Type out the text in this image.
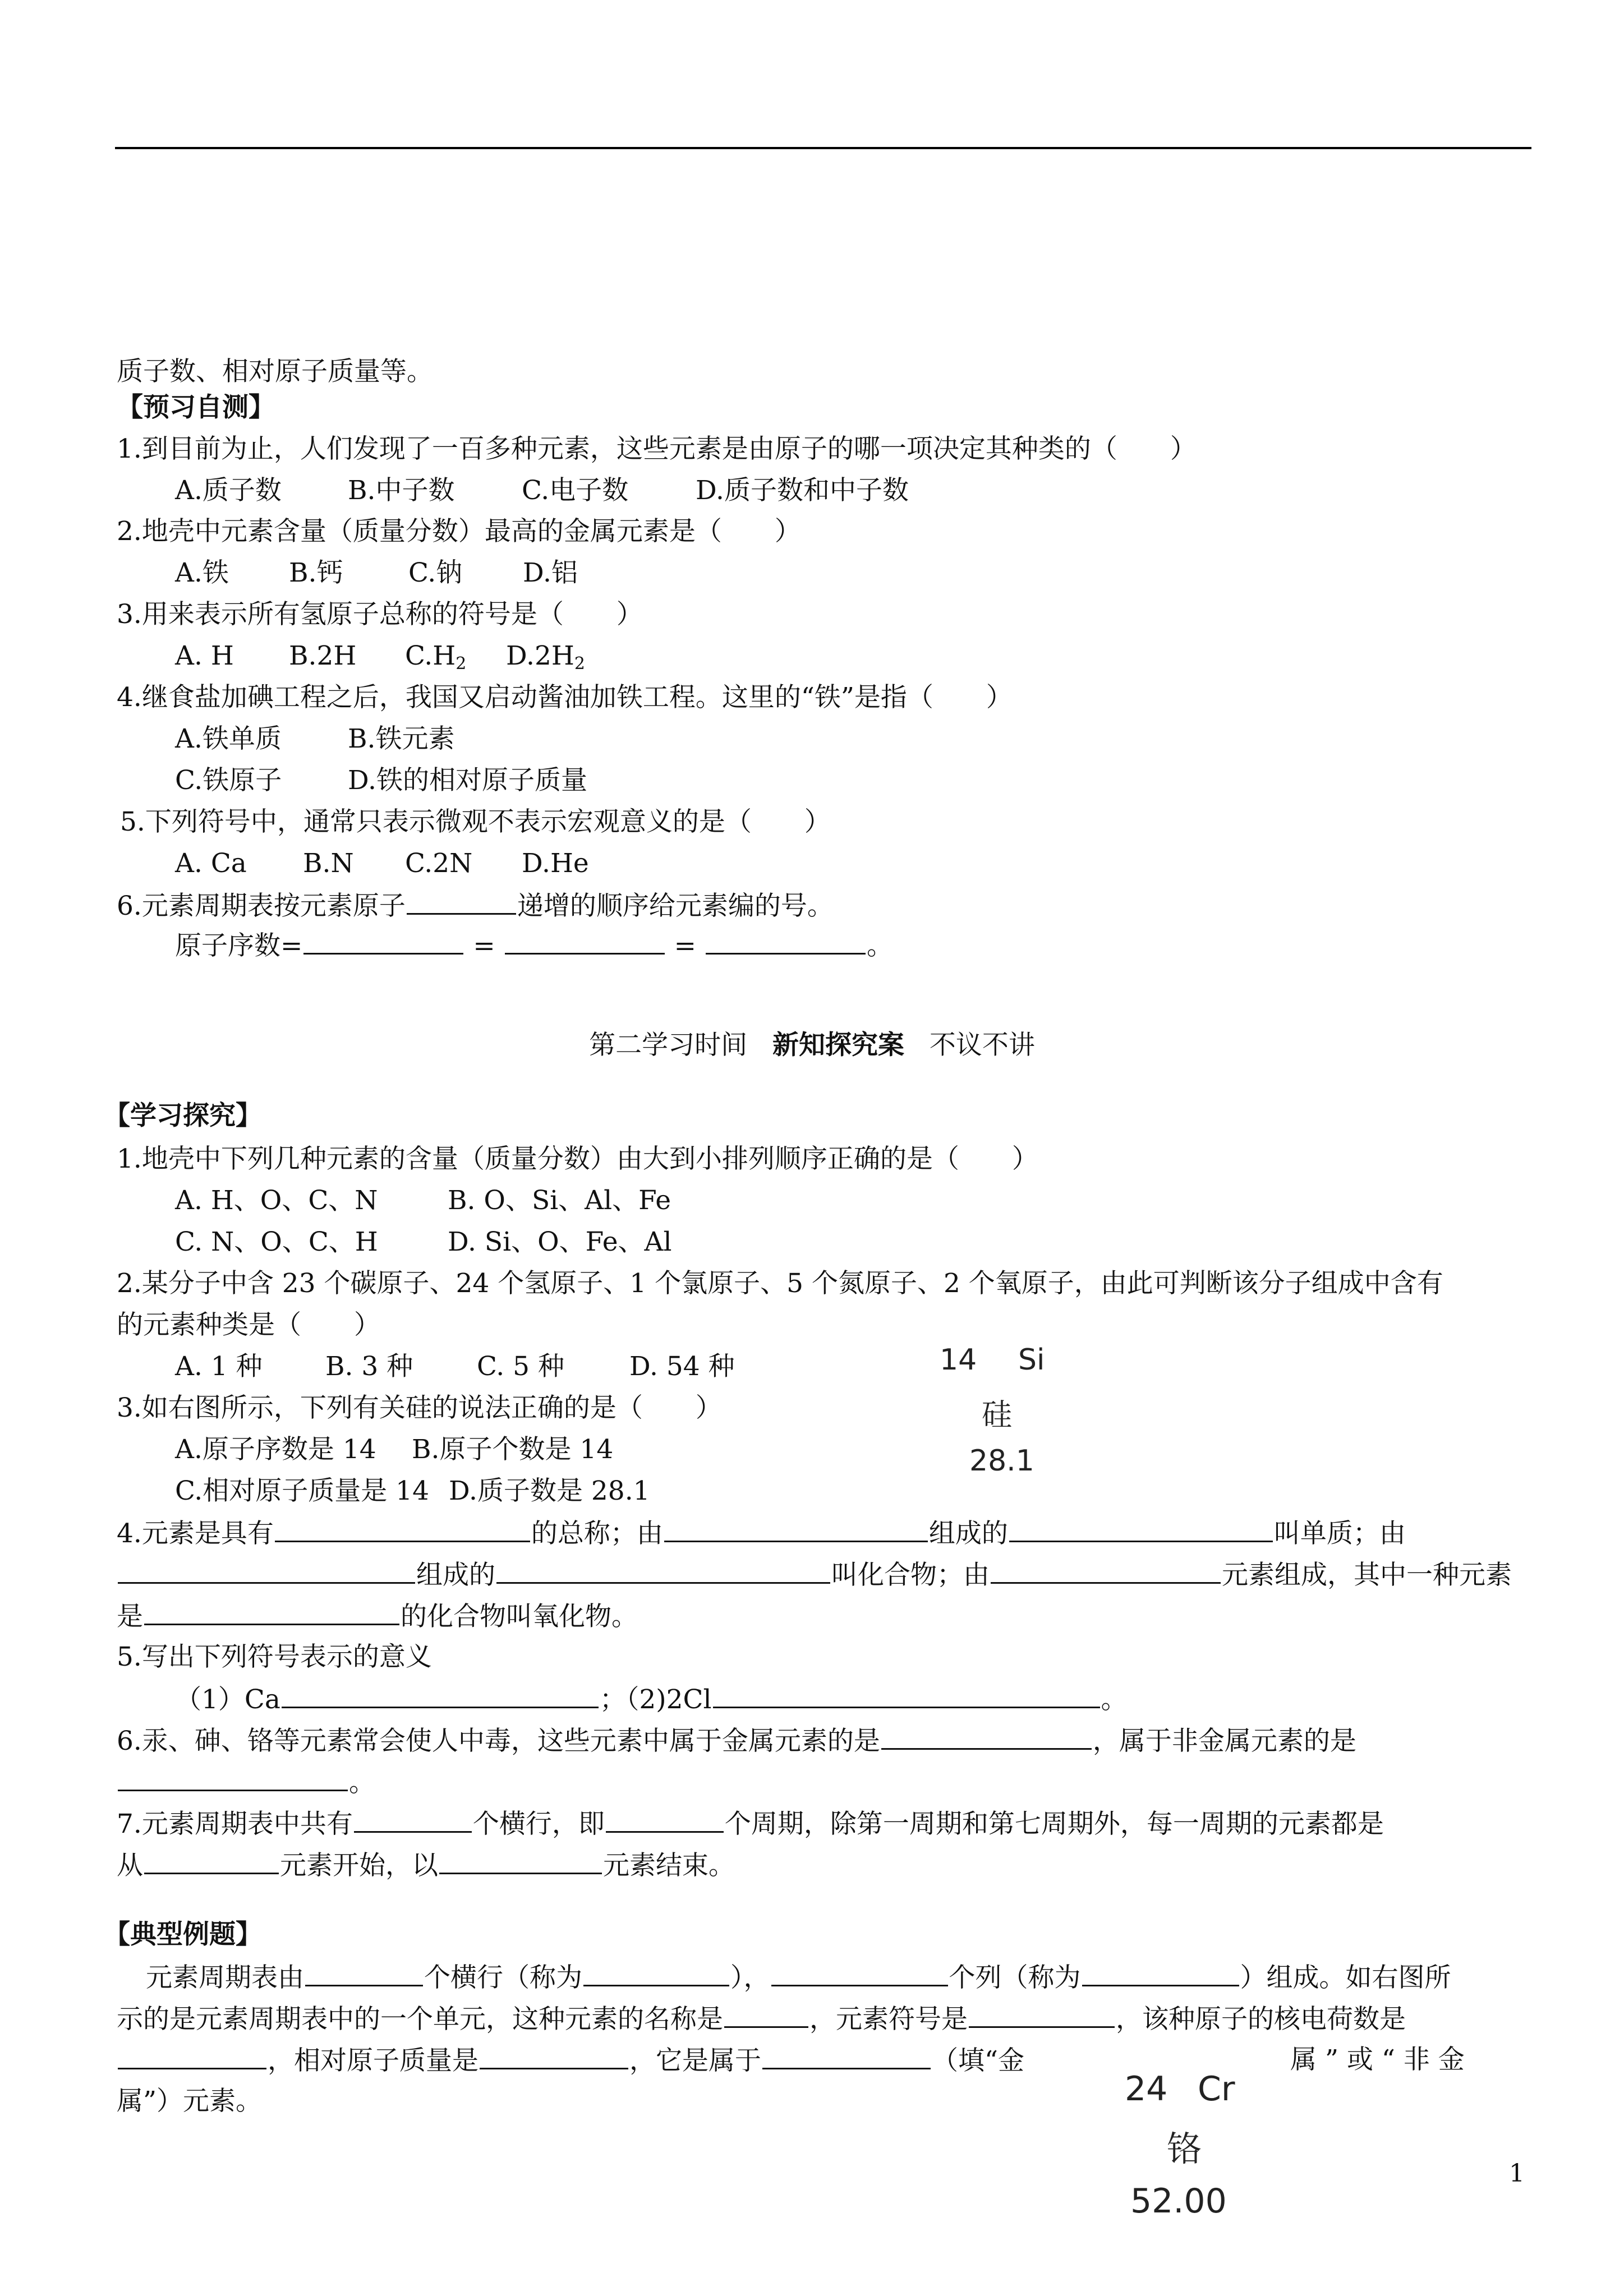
质子数、相对原子质量等。
【预习自测】
1.到目前为止，人们发现了一百多种元素，这些元素是由原子的哪一项决定其种类的（　　）
A.质子数	B.中子数	C.电子数	D.质子数和中子数
2.地壳中元素含量（质量分数）最高的金属元素是（　　）
A.铁 B.钙 C.钠 D.铝
3.用来表示所有氢原子总称的符号是（　　）
A. H B.2H $C.H_2$ $D.2H_2$
4.继食盐加碘工程之后，我国又启动酱油加铁工程。这里的“铁”是指（　　）
A.铁单质	B.铁元素
C.铁原子	D.铁的相对原子质量
5.下列符号中，通常只表示微观不表示宏观意义的是（　　）
A. Ca B.N C.2N D.He
6.元素周期表按元素原子	递增的顺序给元素编的号。
原子序数=	=	=	。
第二学习时间 新知探究案 不议不讲
【学习探究】
1.地壳中下列几种元素的含量（质量分数）由大到小排列顺序正确的是（　　）
A. H、O、C、N	B. O、Si、Al、Fe
C. N、O、C、H	D. Si、O、Fe、Al
2.某分子中含 23 个碳原子、24 个氢原子、1 个氯原子、5 个氮原子、2 个氧原子，由此可判断该分子组成中含有
的元素种类是（　　）
A. 1 种 B. 3 种 C. 5 种 D. 54 种
3.如右图所示，下列有关硅的说法正确的是（　　）
A.原子序数是 14 B.原子个数是 14
C.相对原子质量是 14 D.质子数是 28.1
14 Si
硅
28.1
4.元素是具有	的总称；由	组成的	叫单质；由
组成的	叫化合物；由	元素组成，其中一种元素
是	的化合物叫氧化物。
5.写出下列符号表示的意义
（1）Ca	；（2)2Cl	。
6.汞、砷、铬等元素常会使人中毒，这些元素中属于金属元素的是	，属于非金属元素的是
。
7.元素周期表中共有	个横行，即	个周期，除第一周期和第七周期外，每一周期的元素都是
从	元素开始，以	元素结束。
【典型例题】
元素周期表由	个横行（称为	），	个列（称为	）组成。如右图所
示的是元素周期表中的一个单元，这种元素的名称是	，元素符号是	，该种原子的核电荷数是
，相对原子质量是	，它是属于	（填“金	属 ” 或 “ 非 金
属”）元素。	24 Cr
铬
52.00
1
